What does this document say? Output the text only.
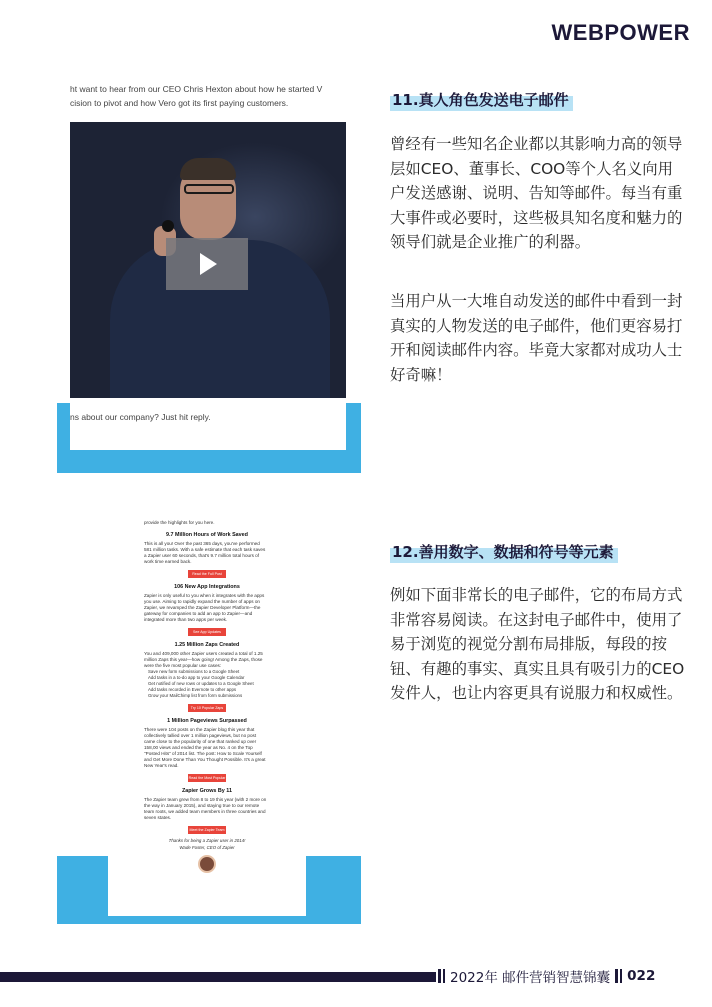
WEBPOWER
ht want to hear from our CEO Chris Hexton about how he started V
cision to pivot and how Vero got its first paying customers.
ns about our company? Just hit reply.
11.真人角色发送电子邮件

曾经有一些知名企业都以其影响力高的领导层如CEO、董事长、COO等个人名义向用户发送感谢、说明、告知等邮件。每当有重大事件或必要时，这些极具知名度和魅力的领导们就是企业推广的利器。

当用户从一大堆自动发送的邮件中看到一封真实的人物发送的电子邮件，他们更容易打开和阅读邮件内容。毕竟大家都对成功人士好奇嘛！

provide the highlights for you here.
9.7 Million Hours of Work Saved
This is all you! Over the past 365 days, you've performed 581 million tasks. With a safe estimate that each task saves a Zapier user 60 seconds, that's 9.7 million total hours of work time earned back.
Read the Full Post
106 New App Integrations
Zapier is only useful to you when it integrates with the apps you use. Aiming to rapidly expand the number of apps on Zapier, we revamped the Zapier Developer Platform—the gateway for companies to add an app to Zapier—and integrated more than two apps per week.
See App Updates
1.25 Million Zaps Created
You and 409,000 other Zapier users created a total of 1.25 million Zaps this year—how going! Among the Zaps, those were the five most popular use cases:
Save new form submissions to a Google Sheet
Add tasks in a to-do app to your Google Calendar
Get notified of new rows or updates to a Google Sheet
Add tasks recorded in Evernote to other apps
Grow your MailChimp list from form submissions
Try 10 Popular Zaps
1 Million Pageviews Surpassed
There were 104 posts on the Zapier blog this year that collectively tallied over 1 million pageviews, but no post came close to the popularity of one that ranked up over 158,00 views and ended the year as No. 4 on the Top "Posted Hits" of 2014 list. The post: How to Scale Yourself and Get More Done Than You Thought Possible. It's a great New Year's read.
Read the Most Popular Posts
Zapier Grows By 11
The Zapier team grew from 8 to 19 this year (with 2 more on the way in January 2015), and staying true to our remote team roots, we added team members in three countries and seven states.
Meet the Zapier Team
Thanks for being a Zapier user in 2014!
Wade Foster, CEO of Zapier
12.善用数字、数据和符号等元素

例如下面非常长的电子邮件，它的布局方式非常容易阅读。在这封电子邮件中，使用了易于浏览的视觉分割布局排版，每段的按钮、有趣的事实、真实且具有吸引力的CEO发件人，也让内容更具有说服力和权威性。

2022年 邮件营销智慧锦囊 022
